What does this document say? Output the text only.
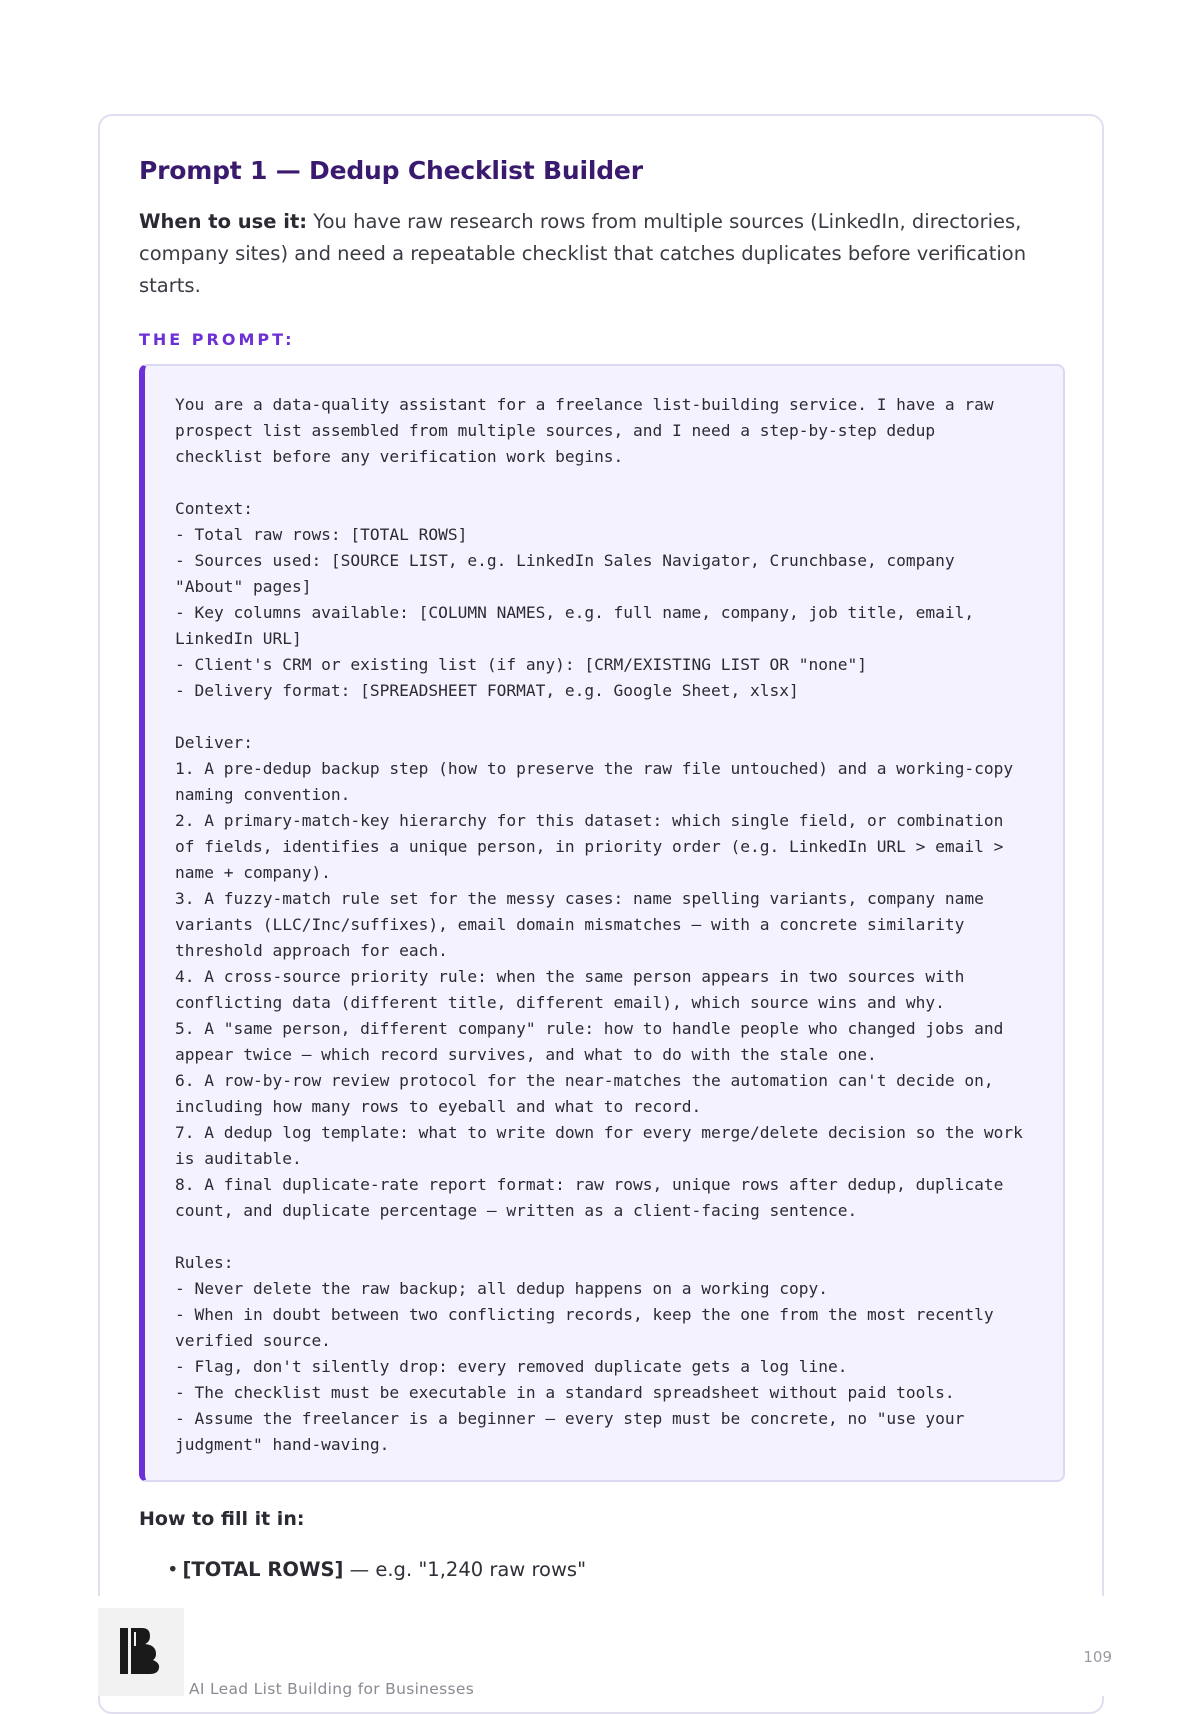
Prompt 1 — Dedup Checklist Builder
When to use it: You have raw research rows from multiple sources (LinkedIn, directories, company sites) and need a repeatable checklist that catches duplicates before verification starts.
THE PROMPT:
You are a data-quality assistant for a freelance list-building service. I have a raw
prospect list assembled from multiple sources, and I need a step-by-step dedup
checklist before any verification work begins.

Context:
- Total raw rows: [TOTAL ROWS]
- Sources used: [SOURCE LIST, e.g. LinkedIn Sales Navigator, Crunchbase, company
"About" pages]
- Key columns available: [COLUMN NAMES, e.g. full name, company, job title, email,
LinkedIn URL]
- Client's CRM or existing list (if any): [CRM/EXISTING LIST OR "none"]
- Delivery format: [SPREADSHEET FORMAT, e.g. Google Sheet, xlsx]

Deliver:
1. A pre-dedup backup step (how to preserve the raw file untouched) and a working-copy
naming convention.
2. A primary-match-key hierarchy for this dataset: which single field, or combination
of fields, identifies a unique person, in priority order (e.g. LinkedIn URL > email >
name + company).
3. A fuzzy-match rule set for the messy cases: name spelling variants, company name
variants (LLC/Inc/suffixes), email domain mismatches — with a concrete similarity
threshold approach for each.
4. A cross-source priority rule: when the same person appears in two sources with
conflicting data (different title, different email), which source wins and why.
5. A "same person, different company" rule: how to handle people who changed jobs and
appear twice — which record survives, and what to do with the stale one.
6. A row-by-row review protocol for the near-matches the automation can't decide on,
including how many rows to eyeball and what to record.
7. A dedup log template: what to write down for every merge/delete decision so the work
is auditable.
8. A final duplicate-rate report format: raw rows, unique rows after dedup, duplicate
count, and duplicate percentage — written as a client-facing sentence.

Rules:
- Never delete the raw backup; all dedup happens on a working copy.
- When in doubt between two conflicting records, keep the one from the most recently
verified source.
- Flag, don't silently drop: every removed duplicate gets a log line.
- The checklist must be executable in a standard spreadsheet without paid tools.
- Assume the freelancer is a beginner — every step must be concrete, no "use your
judgment" hand-waving.
How to fill it in:
• [TOTAL ROWS] — e.g. "1,240 raw rows"
AI Lead List Building for Businesses
109
